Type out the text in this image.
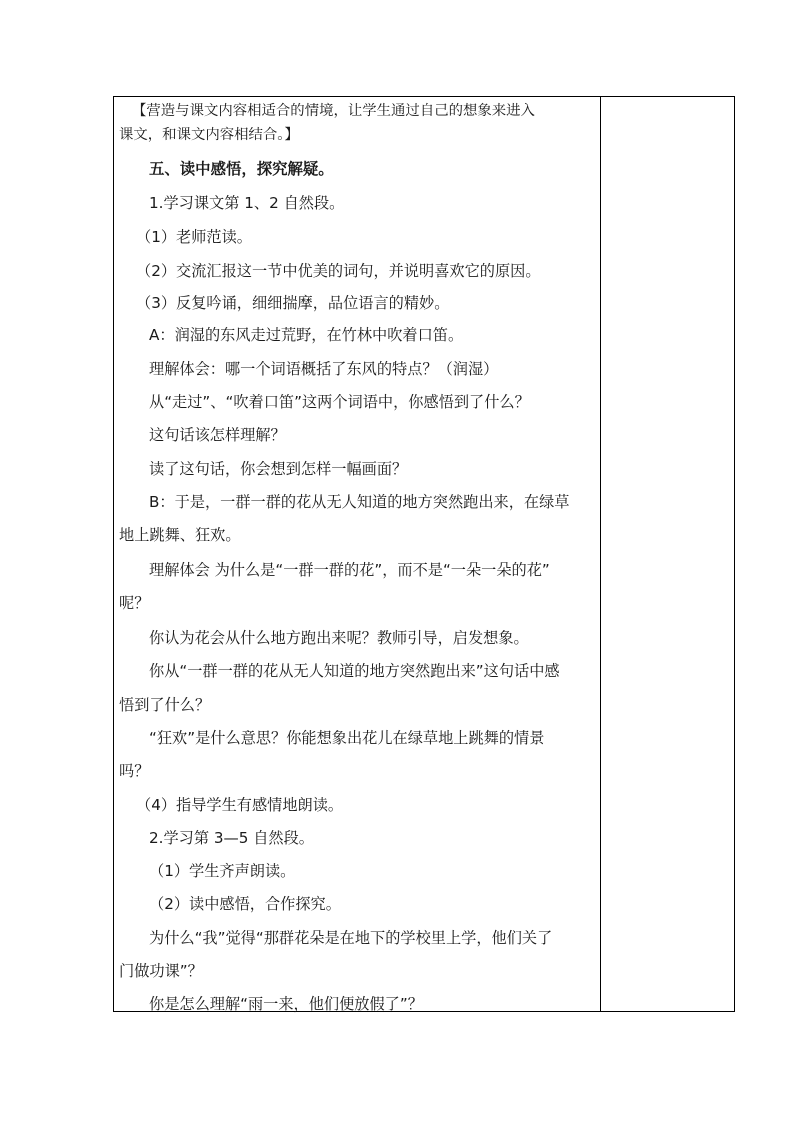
【营造与课文内容相适合的情境，让学生通过自己的想象来进入
课文，和课文内容相结合。】
五、读中感悟，探究解疑。
1.学习课文第 1、2 自然段。
（1）老师范读。
（2）交流汇报这一节中优美的词句，并说明喜欢它的原因。
（3）反复吟诵，细细揣摩，品位语言的精妙。
A：润湿的东风走过荒野，在竹林中吹着口笛。
理解体会：哪一个词语概括了东风的特点？（润湿）
从“走过”、“吹着口笛”这两个词语中，你感悟到了什么？
这句话该怎样理解？
读了这句话，你会想到怎样一幅画面？
B：于是，一群一群的花从无人知道的地方突然跑出来，在绿草
地上跳舞、狂欢。
理解体会 为什么是“一群一群的花”，而不是“一朵一朵的花”
呢？
你认为花会从什么地方跑出来呢？教师引导，启发想象。
你从“一群一群的花从无人知道的地方突然跑出来”这句话中感
悟到了什么？
“狂欢”是什么意思？你能想象出花儿在绿草地上跳舞的情景
吗？
（4）指导学生有感情地朗读。
2.学习第 3—5 自然段。
（1）学生齐声朗读。
（2）读中感悟，合作探究。
为什么“我”觉得“那群花朵是在地下的学校里上学，他们关了
门做功课”？
你是怎么理解“雨一来，他们便放假了”？
